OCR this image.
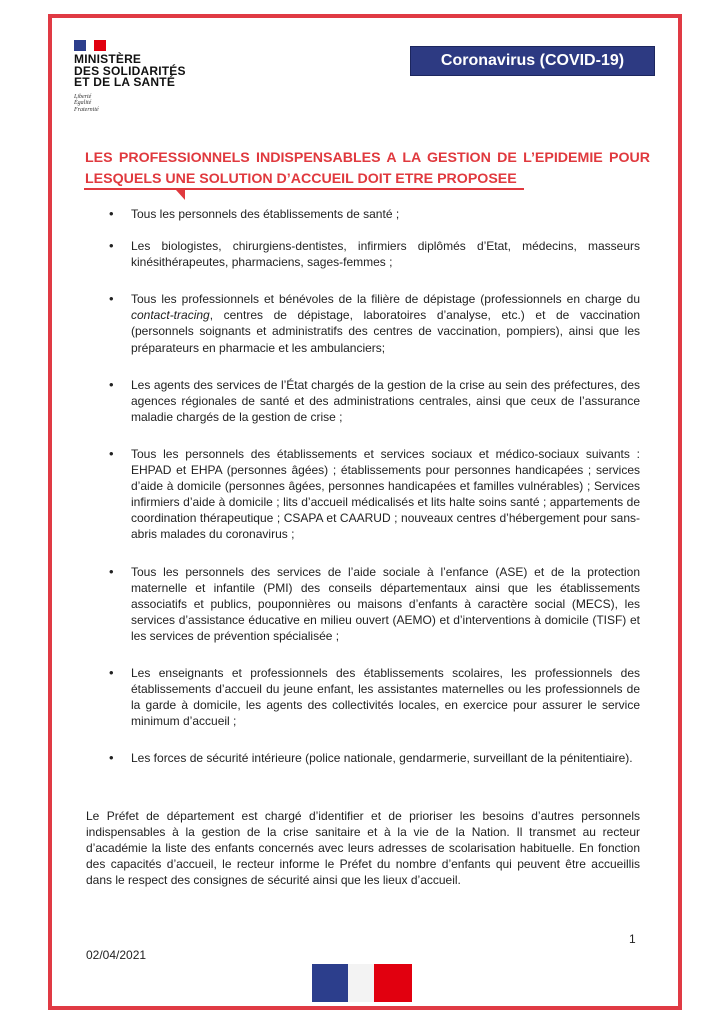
MINISTÈRE
DES SOLIDARITÉS
ET DE LA SANTÉ
Liberté
Égalité
Fraternité
Coronavirus (COVID-19)
LES PROFESSIONNELS INDISPENSABLES A LA GESTION DE L’EPIDEMIE POUR LESQUELS UNE SOLUTION D’ACCUEIL DOIT ETRE PROPOSEE
• Tous les personnels des établissements de santé ;
• Les biologistes, chirurgiens-dentistes, infirmiers diplômés d’Etat, médecins, masseurs kinésithérapeutes, pharmaciens, sages-femmes ;
• Tous les professionnels et bénévoles de la filière de dépistage (professionnels en charge du contact-tracing, centres de dépistage, laboratoires d’analyse, etc.) et de vaccination (personnels soignants et administratifs des centres de vaccination, pompiers), ainsi que les préparateurs en pharmacie et les ambulanciers;
• Les agents des services de l’État chargés de la gestion de la crise au sein des préfectures, des agences régionales de santé et des administrations centrales, ainsi que ceux de l’assurance maladie chargés de la gestion de crise ;
• Tous les personnels des établissements et services sociaux et médico-sociaux suivants : EHPAD et EHPA (personnes âgées) ; établissements pour personnes handicapées ; services d’aide à domicile (personnes âgées, personnes handicapées et familles vulnérables) ; Services infirmiers d’aide à domicile ; lits d’accueil médicalisés et lits halte soins santé ; appartements de coordination thérapeutique ; CSAPA et CAARUD ; nouveaux centres d’hébergement pour sans-abris malades du coronavirus ;
• Tous les personnels des services de l’aide sociale à l’enfance (ASE) et de la protection maternelle et infantile (PMI) des conseils départementaux ainsi que les établissements associatifs et publics, pouponnières ou maisons d’enfants à caractère social (MECS), les services d’assistance éducative en milieu ouvert (AEMO) et d’interventions à domicile (TISF) et les services de prévention spécialisée ;
• Les enseignants et professionnels des établissements scolaires, les professionnels des établissements d’accueil du jeune enfant, les assistantes maternelles ou les professionnels de la garde à domicile, les agents des collectivités locales, en exercice pour assurer le service minimum d’accueil ;
• Les forces de sécurité intérieure (police nationale, gendarmerie, surveillant de la pénitentiaire).

Le Préfet de département est chargé d’identifier et de prioriser les besoins d’autres personnels indispensables à la gestion de la crise sanitaire et à la vie de la Nation. Il transmet au recteur d’académie la liste des enfants concernés avec leurs adresses de scolarisation habituelle. En fonction des capacités d’accueil, le recteur informe le Préfet du nombre d’enfants qui peuvent être accueillis dans le respect des consignes de sécurité ainsi que les lieux d’accueil.

1
02/04/2021
